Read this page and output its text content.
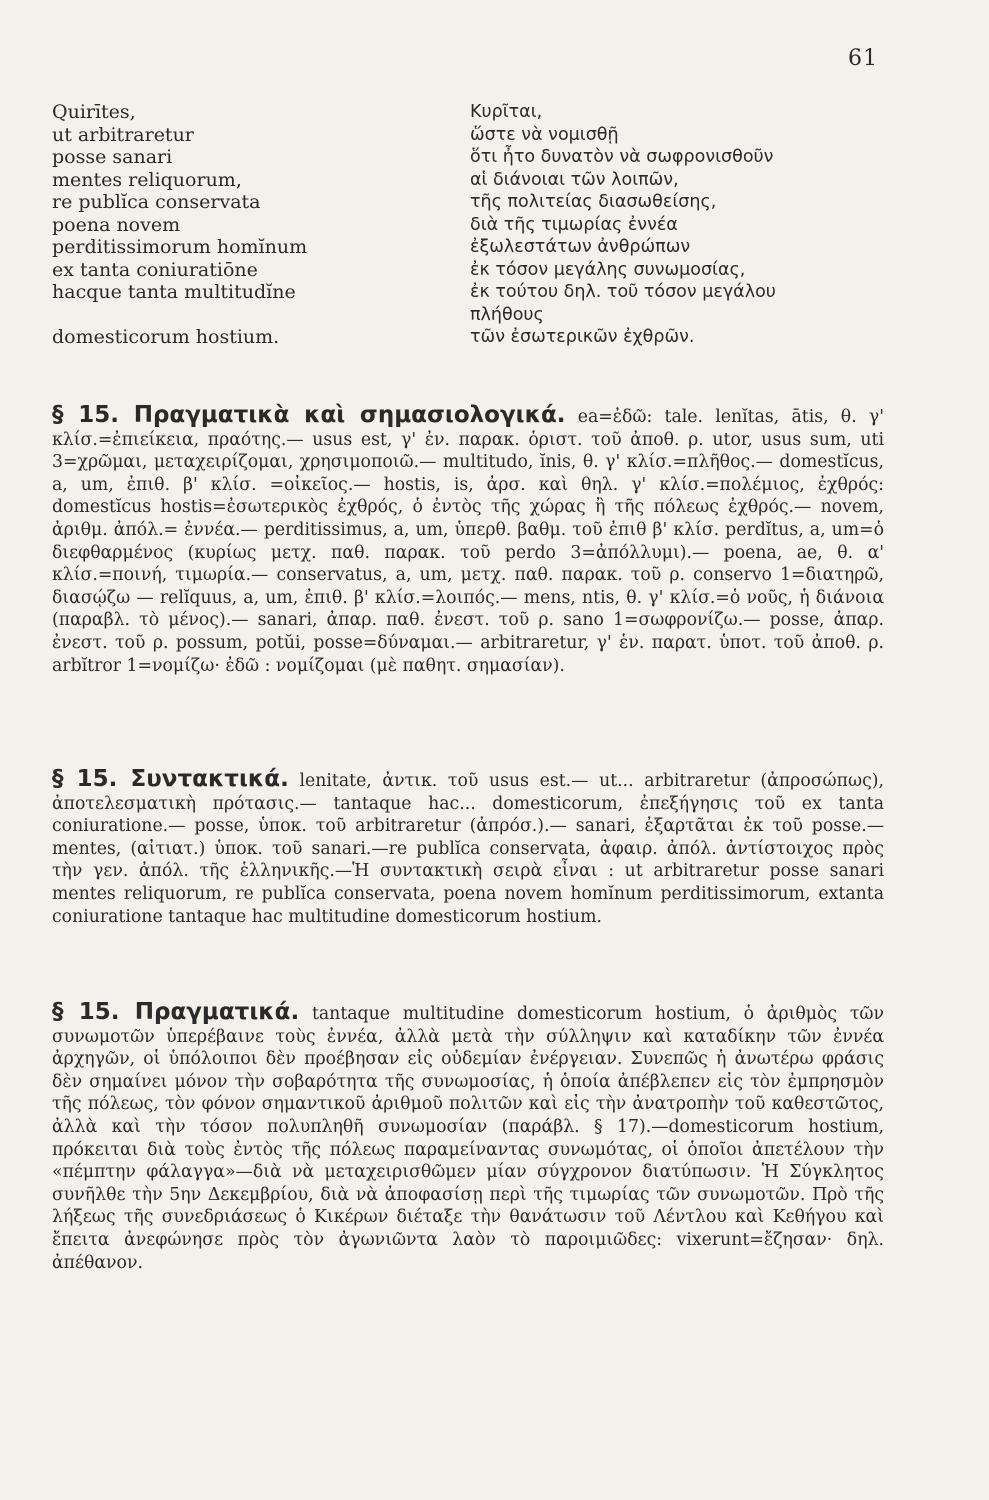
61
Quirītes,	Κυρῖται,
ut arbitraretur	ὥστε νὰ νομισθῇ
posse sanari	ὅτι ἦτο δυνατὸν νὰ σωφρονισθοῦν
mentes reliquorum,	αἱ διάνοιαι τῶν λοιπῶν,
re publĭca conservata	τῆς πολιτείας διασωθείσης,
poena novem	διὰ τῆς τιμωρίας ἐννέα
perditissimorum homĭnum	ἐξωλεστάτων ἀνθρώπων
ex tanta coniuratiōne	ἐκ τόσον μεγάλης συνωμοσίας,
hacque tanta multitudĭne	ἐκ τούτου δηλ. τοῦ τόσον μεγάλου
πλήθους
domesticorum hostium.	τῶν ἐσωτερικῶν ἐχθρῶν.

§ 15. Πραγματικὰ καὶ σημασιολογικά. ea=ἐδῶ: tale. lenĭtas, ātis, θ. γ' κλίσ.=ἐπιείκεια, πραότης.— usus est, γ' ἐν. παρακ. ὁριστ. τοῦ ἀποθ. ρ. utor, usus sum, uti 3=χρῶμαι, μεταχειρίζομαι, χρησιμοποιῶ.— multitudo, ĭnis, θ. γ' κλίσ.=πλῆθος.— domestĭcus, a, um, ἐπιθ. β' κλίσ. =οἰκεῖος.— hostis, is, ἀρσ. καὶ θηλ. γ' κλίσ.=πολέμιος, ἐχθρός: domestĭcus hostis=ἐσωτερικὸς ἐχθρός, ὁ ἐντὸς τῆς χώρας ἢ τῆς πόλεως ἐχθρός.— novem, ἀριθμ. ἀπόλ.= ἐννέα.— perditissimus, a, um, ὑπερθ. βαθμ. τοῦ ἐπιθ β' κλίσ. perdĭtus, a, um=ὁ διεφθαρμένος (κυρίως μετχ. παθ. παρακ. τοῦ perdo 3=ἀπόλλυμι).— poena, ae, θ. α' κλίσ.=ποινή, τιμωρία.— conservatus, a, um, μετχ. παθ. παρακ. τοῦ ρ. conservo 1=διατηρῶ, διασῴζω — relĭquus, a, um, ἐπιθ. β' κλίσ.=λοιπός.— mens, ntis, θ. γ' κλίσ.=ὁ νοῦς, ἡ διάνοια (παραβλ. τὸ μένος).— sanari, ἀπαρ. παθ. ἐνεστ. τοῦ ρ. sano 1=σωφρονίζω.— posse, ἀπαρ. ἐνεστ. τοῦ ρ. possum, potŭi, posse=δύναμαι.— arbitraretur, γ' ἑν. παρατ. ὑποτ. τοῦ ἀποθ. ρ. arbĭtror 1=νομίζω· ἐδῶ : νομίζομαι (μὲ παθητ. σημασίαν).

§ 15. Συντακτικά. lenitate, ἀντικ. τοῦ usus est.— ut... arbitraretur (ἀπροσώπως), ἀποτελεσματικὴ πρότασις.— tantaque hac... domesticorum, ἐπεξήγησις τοῦ ex tanta coniuratione.— posse, ὑποκ. τοῦ arbitraretur (ἀπρόσ.).— sanari, ἐξαρτᾶται ἐκ τοῦ posse.— mentes, (αἰτιατ.) ὑποκ. τοῦ sanari.—re publĭca conservata, ἀφαιρ. ἀπόλ. ἀντίστοιχος πρὸς τὴν γεν. ἀπόλ. τῆς ἑλληνικῆς.—Ἡ συντακτικὴ σειρὰ εἶναι : ut arbitraretur posse sanari mentes reliquorum, re publĭca conservata, poena novem homĭnum perditissimorum, extanta coniuratione tantaque hac multitudine domesticorum hostium.

§ 15. Πραγματικά. tantaque multitudine domesticorum hostium, ὁ ἀριθμὸς τῶν συνωμοτῶν ὑπερέβαινε τοὺς ἐννέα, ἀλλὰ μετὰ τὴν σύλληψιν καὶ καταδίκην τῶν ἐννέα ἀρχηγῶν, οἱ ὑπόλοιποι δὲν προέβησαν εἰς οὐδεμίαν ἐνέργειαν. Συνεπῶς ἡ ἀνωτέρω φράσις δὲν σημαίνει μόνον τὴν σοβαρότητα τῆς συνωμοσίας, ἡ ὁποία ἀπέβλεπεν εἰς τὸν ἐμπρησμὸν τῆς πόλεως, τὸν φόνον σημαντικοῦ ἀριθμοῦ πολιτῶν καὶ εἰς τὴν ἀνατροπὴν τοῦ καθεστῶτος, ἀλλὰ καὶ τὴν τόσον πολυπληθῆ συνωμοσίαν (παράβλ. § 17).—domesticorum hostium, πρόκειται διὰ τοὺς ἐντὸς τῆς πόλεως παραμείναντας συνωμότας, οἱ ὁποῖοι ἀπετέλουν τὴν «πέμπτην φάλαγγα»—διὰ νὰ μεταχειρισθῶμεν μίαν σύγχρονον διατύπωσιν. Ἡ Σύγκλητος συνῆλθε τὴν 5ην Δεκεμβρίου, διὰ νὰ ἀποφασίσῃ περὶ τῆς τιμωρίας τῶν συνωμοτῶν. Πρὸ τῆς λήξεως τῆς συνεδριάσεως ὁ Κικέρων διέταξε τὴν θανάτωσιν τοῦ Λέντλου καὶ Κεθήγου καὶ ἔπειτα ἀνεφώνησε πρὸς τὸν ἀγωνιῶντα λαὸν τὸ παροιμιῶδες: vixerunt=ἔζησαν· δηλ. ἀπέθανον.
